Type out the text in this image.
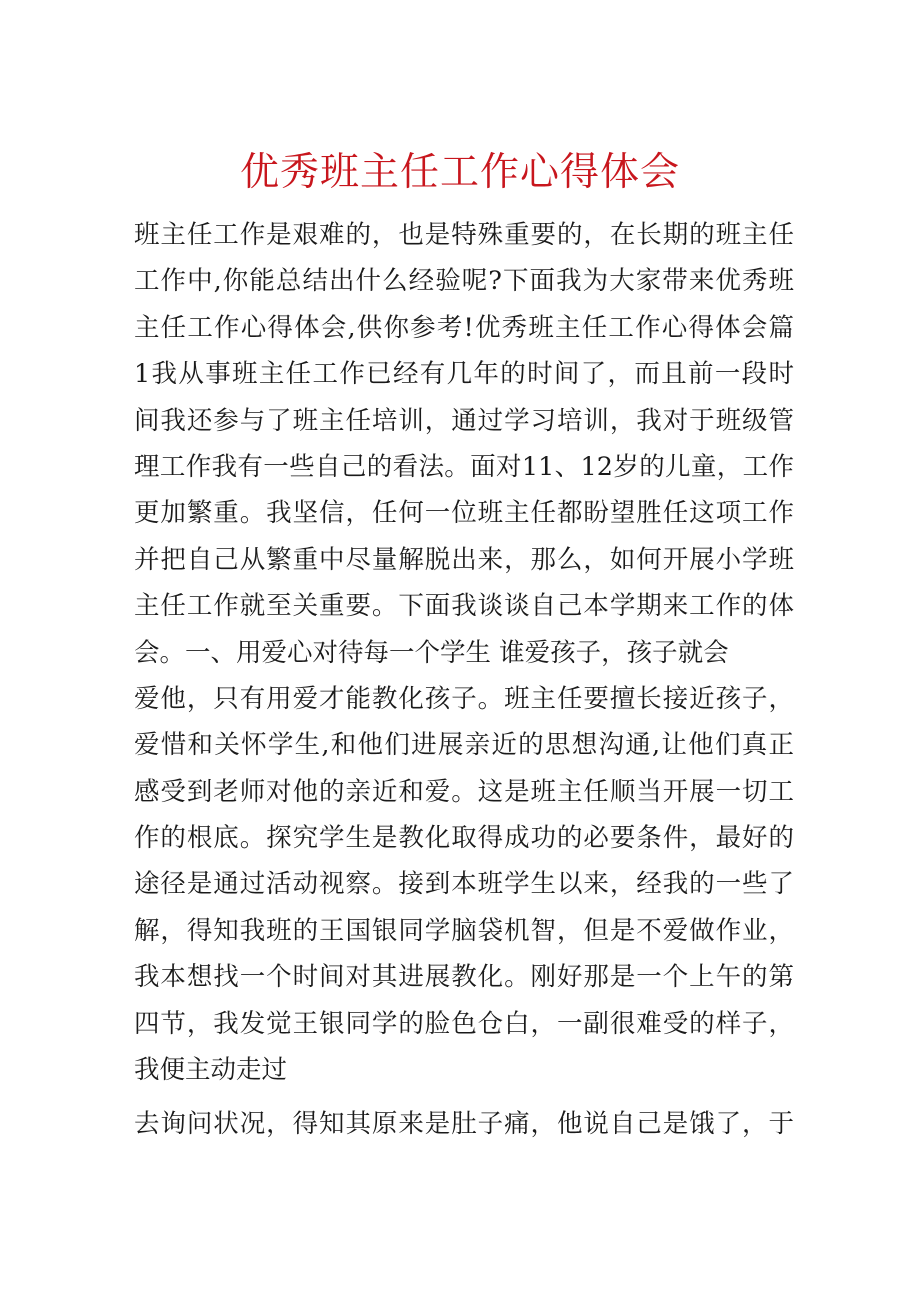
优秀班主任工作心得体会
班主任工作是艰难的，也是特殊重要的，在长期的班主任
工作中,你能总结出什么经验呢?下面我为大家带来优秀班
主任工作心得体会,供你参考!优秀班主任工作心得体会篇
1我从事班主任工作已经有几年的时间了，而且前一段时
间我还参与了班主任培训，通过学习培训，我对于班级管
理工作我有一些自己的看法。面对11、12岁的儿童，工作
更加繁重。我坚信，任何一位班主任都盼望胜任这项工作
并把自己从繁重中尽量解脱出来，那么，如何开展小学班
主任工作就至关重要。下面我谈谈自己本学期来工作的体
会。一、用爱心对待每一个学生 谁爱孩子，孩子就会
爱他，只有用爱才能教化孩子。班主任要擅长接近孩子，
爱惜和关怀学生,和他们进展亲近的思想沟通,让他们真正
感受到老师对他的亲近和爱。这是班主任顺当开展一切工
作的根底。探究学生是教化取得成功的必要条件，最好的
途径是通过活动视察。接到本班学生以来，经我的一些了
解，得知我班的王国银同学脑袋机智，但是不爱做作业，
我本想找一个时间对其进展教化。刚好那是一个上午的第
四节，我发觉王银同学的脸色仓白，一副很难受的样子，
我便主动走过
去询问状况，得知其原来是肚子痛，他说自己是饿了，于
